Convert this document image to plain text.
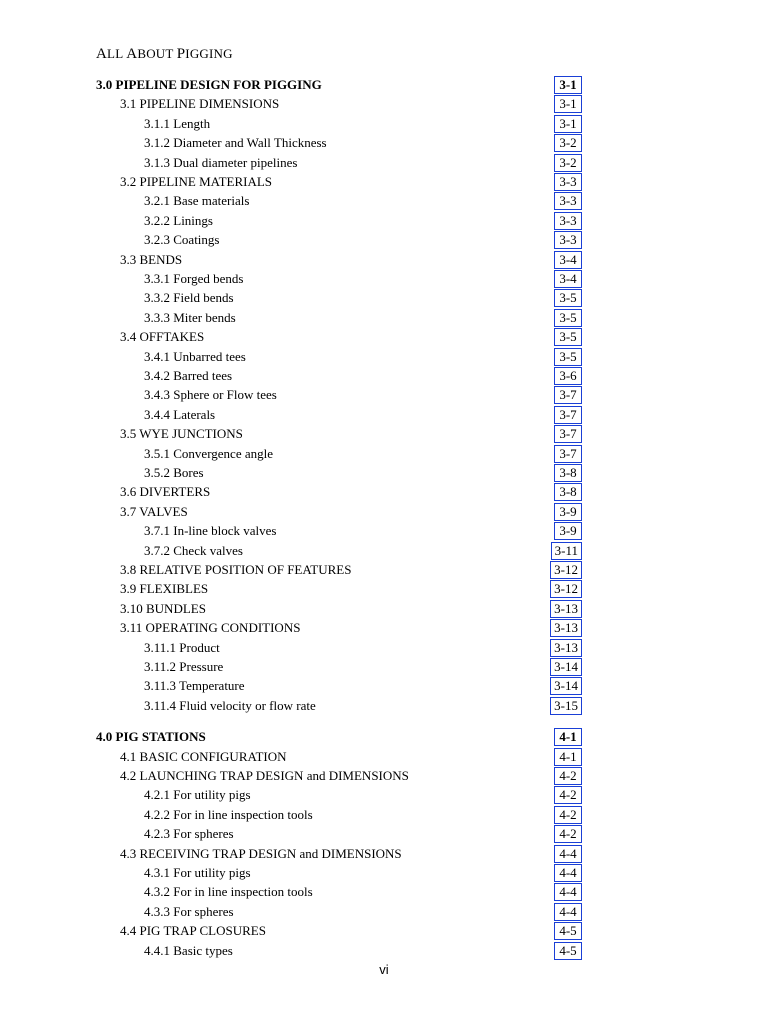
ALL ABOUT PIGGING
3.0 PIPELINE DESIGN FOR PIGGING	3-1
3.1 PIPELINE DIMENSIONS	3-1
3.1.1 Length	3-1
3.1.2 Diameter and Wall Thickness	3-2
3.1.3 Dual diameter pipelines	3-2
3.2 PIPELINE MATERIALS	3-3
3.2.1 Base materials	3-3
3.2.2 Linings	3-3
3.2.3 Coatings	3-3
3.3 BENDS	3-4
3.3.1 Forged bends	3-4
3.3.2 Field bends	3-5
3.3.3 Miter bends	3-5
3.4 OFFTAKES	3-5
3.4.1 Unbarred tees	3-5
3.4.2 Barred tees	3-6
3.4.3 Sphere or Flow tees	3-7
3.4.4 Laterals	3-7
3.5 WYE JUNCTIONS	3-7
3.5.1 Convergence angle	3-7
3.5.2 Bores	3-8
3.6 DIVERTERS	3-8
3.7 VALVES	3-9
3.7.1 In-line block valves	3-9
3.7.2 Check valves	3-11
3.8 RELATIVE POSITION OF FEATURES	3-12
3.9 FLEXIBLES	3-12
3.10 BUNDLES	3-13
3.11 OPERATING CONDITIONS	3-13
3.11.1 Product	3-13
3.11.2 Pressure	3-14
3.11.3 Temperature	3-14
3.11.4 Fluid velocity or flow rate	3-15
4.0 PIG STATIONS	4-1
4.1 BASIC CONFIGURATION	4-1
4.2 LAUNCHING TRAP DESIGN and DIMENSIONS	4-2
4.2.1 For utility pigs	4-2
4.2.2 For in line inspection tools	4-2
4.2.3 For spheres	4-2
4.3 RECEIVING TRAP DESIGN and DIMENSIONS	4-4
4.3.1 For utility pigs	4-4
4.3.2 For in line inspection tools	4-4
4.3.3 For spheres	4-4
4.4 PIG TRAP CLOSURES	4-5
4.4.1 Basic types	4-5
vi
